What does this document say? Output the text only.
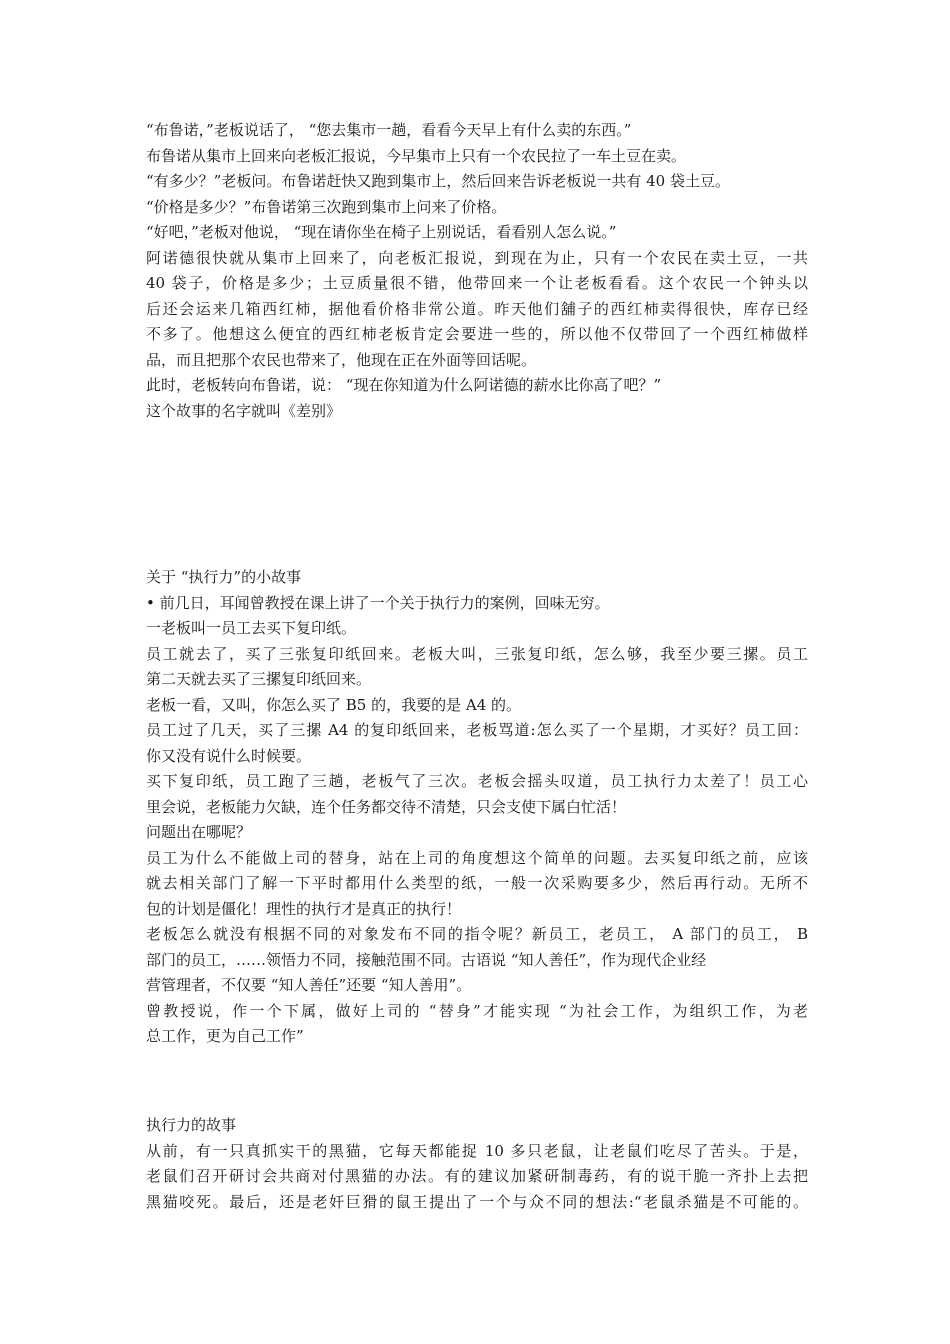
“布鲁诺，”老板说话了， “您去集市一趟，看看今天早上有什么卖的东西。”
布鲁诺从集市上回来向老板汇报说，今早集市上只有一个农民拉了一车土豆在卖。
“有多少？”老板问。布鲁诺赶快又跑到集市上，然后回来告诉老板说一共有 40 袋土豆。
“价格是多少？”布鲁诺第三次跑到集市上问来了价格。
“好吧，”老板对他说， “现在请你坐在椅子上别说话，看看别人怎么说。”
阿诺德很快就从集市上回来了，向老板汇报说，到现在为止，只有一个农民在卖土豆，一共
40 袋子，价格是多少；土豆质量很不错，他带回来一个让老板看看。这个农民一个钟头以
后还会运来几箱西红柿，据他看价格非常公道。昨天他们舖子的西红柿卖得很快，库存已经
不多了。他想这么便宜的西红柿老板肯定会要进一些的，所以他不仅带回了一个西红柿做样
品，而且把那个农民也带来了，他现在正在外面等回话呢。
此时，老板转向布鲁诺，说： “现在你知道为什么阿诺德的薪水比你高了吧？”
这个故事的名字就叫《差别》
关于 “执行力”的小故事
• 前几日，耳闻曾教授在课上讲了一个关于执行力的案例，回味无穷。
一老板叫一员工去买下复印纸。
员工就去了，买了三张复印纸回来。老板大叫，三张复印纸，怎么够，我至少要三摞。员工
第二天就去买了三摞复印纸回来。
老板一看，又叫，你怎么买了 B5 的，我要的是 A4 的。
员工过了几天，买了三摞 A4 的复印纸回来，老板骂道:怎么买了一个星期，才买好？员工回：
你又没有说什么时候要。
买下复印纸，员工跑了三趟，老板气了三次。老板会摇头叹道，员工执行力太差了！员工心
里会说，老板能力欠缺，连个任务都交待不清楚，只会支使下属白忙活！
问题出在哪呢？
员工为什么不能做上司的替身，站在上司的角度想这个简单的问题。去买复印纸之前，应该
就去相关部门了解一下平时都用什么类型的纸，一般一次采购要多少，然后再行动。无所不
包的计划是僵化！理性的执行才是真正的执行！
老板怎么就没有根据不同的对象发布不同的指令呢？新员工，老员工， A 部门的员工， B
部门的员工，……领悟力不同，接触范围不同。古语说 “知人善任”，作为现代企业经
营管理者，不仅要 “知人善任”还要 “知人善用”。
曾教授说，作一个下属，做好上司的 “替身”才能实现 “为社会工作，为组织工作，为老
总工作，更为自己工作”
执行力的故事
从前，有一只真抓实干的黑猫，它每天都能捉 10 多只老鼠，让老鼠们吃尽了苦头。于是，
老鼠们召开研讨会共商对付黑猫的办法。有的建议加紧研制毒药，有的说干脆一齐扑上去把
黑猫咬死。最后，还是老奸巨猾的鼠王提出了一个与众不同的想法:“老鼠杀猫是不可能的。
